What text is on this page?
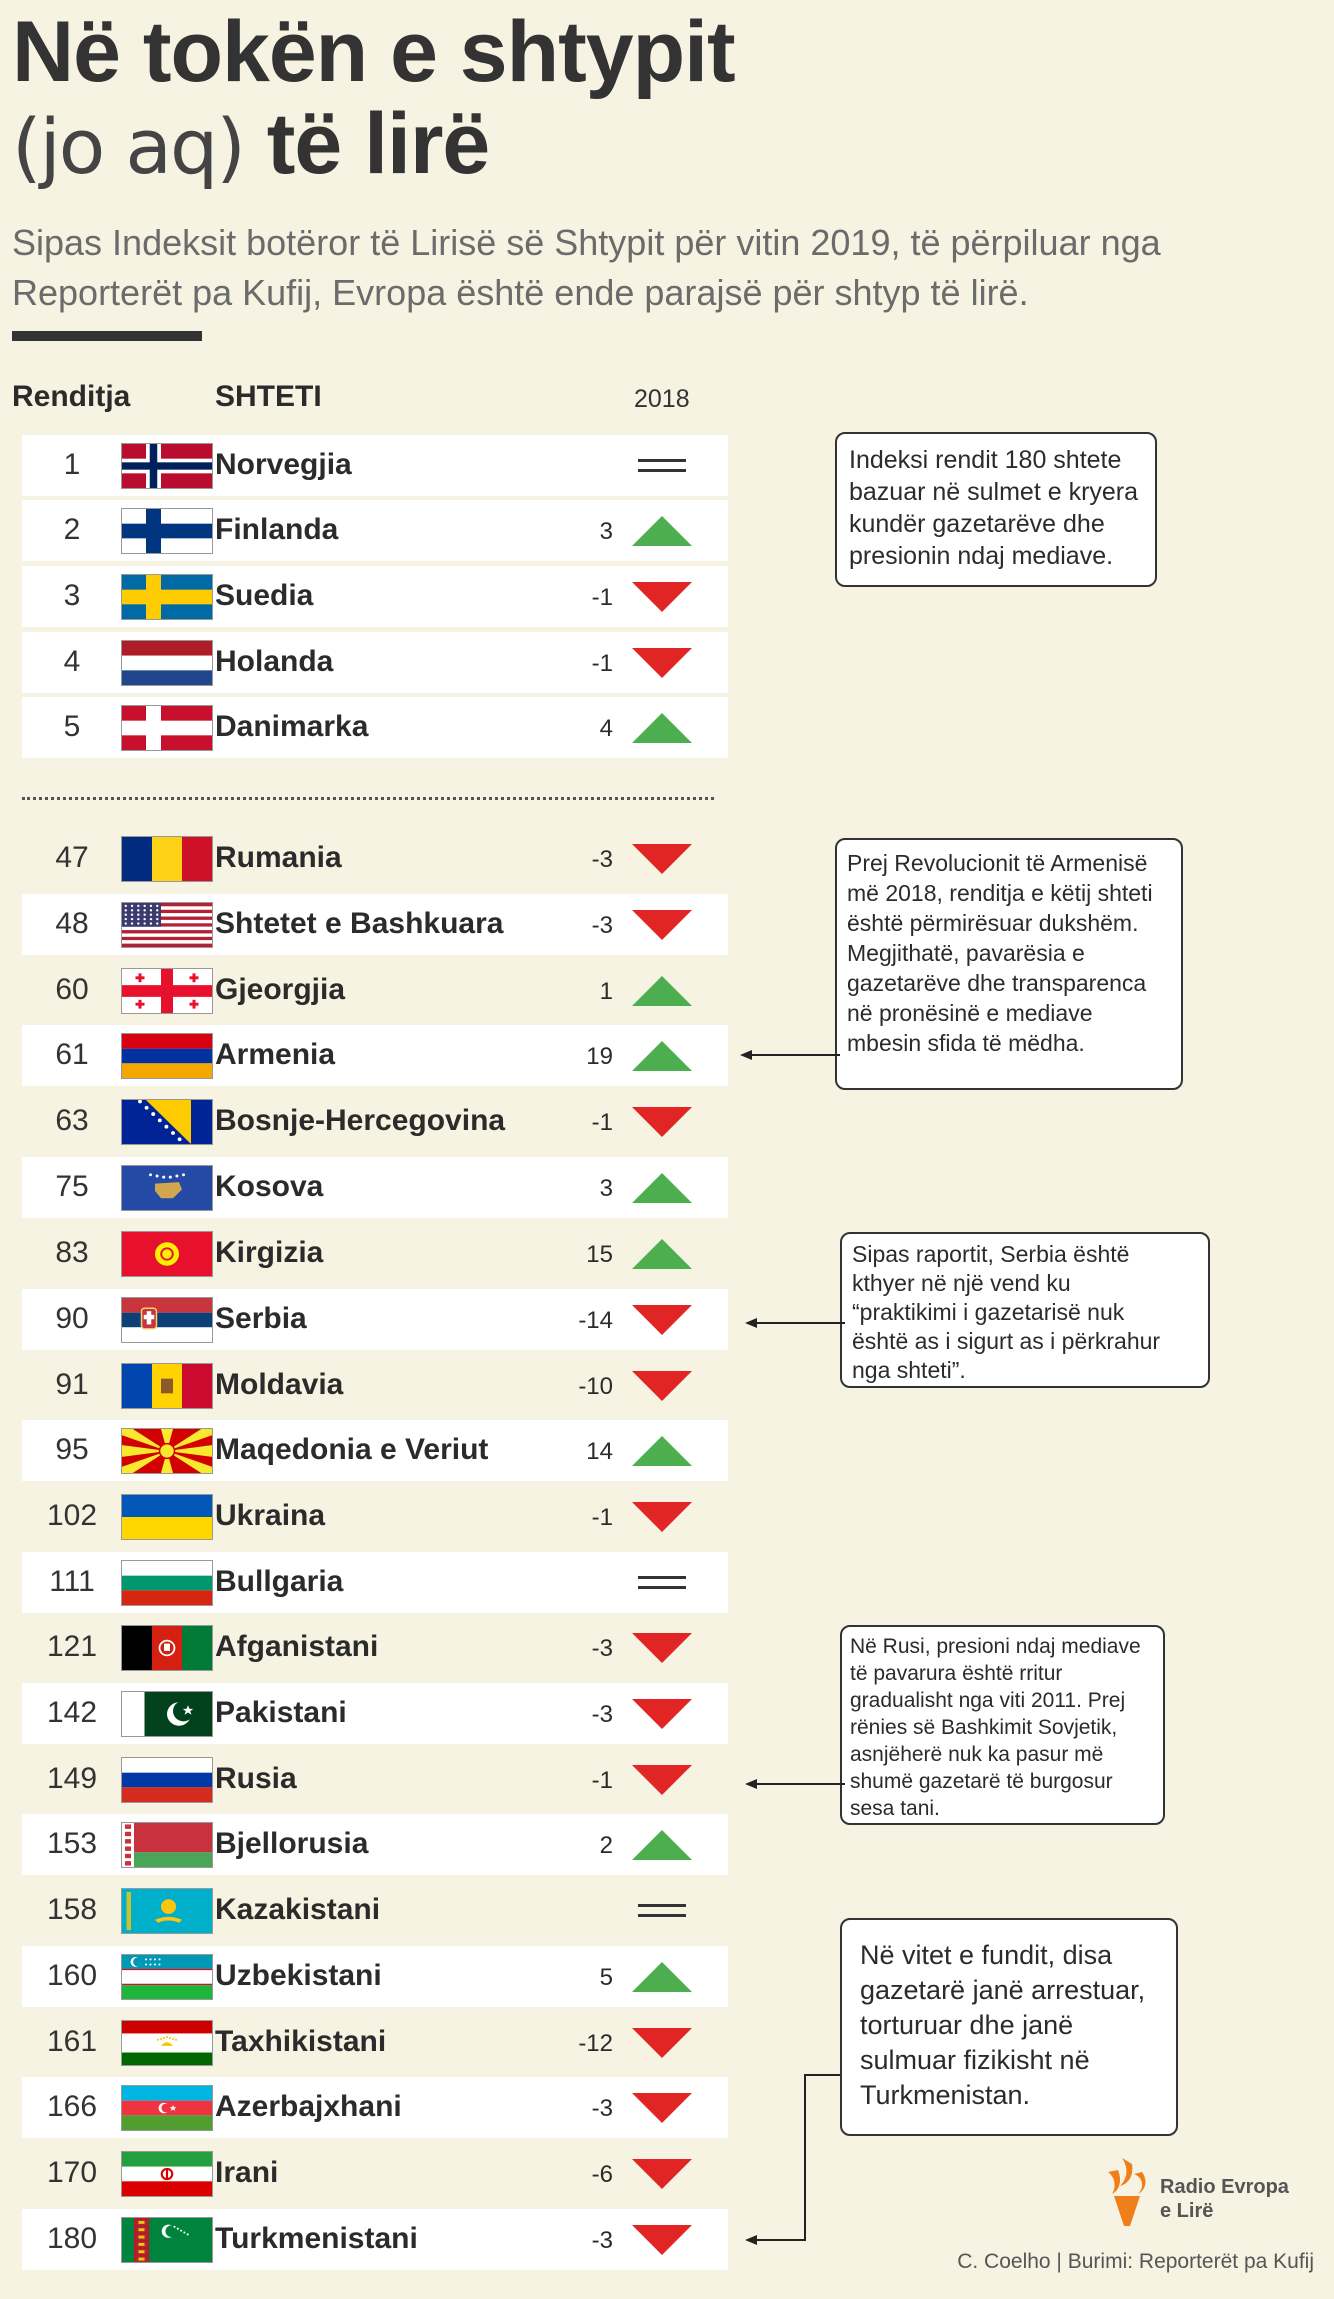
Në tokën e shtypit
(jo aq) të lirë
Sipas Indeksit botëror të Lirisë së Shtypit për vitin 2019, të përpiluar nga Reporterët pa Kufij, Evropa është ende parajsë për shtyp të lirë.
Renditja	SHTETI	2018
1	Norvegjia
2	Finlanda	3
3	Suedia	-1
4	Holanda	-1
5	Danimarka	4
47	Rumania	-3
48	Shtetet e Bashkuara	-3
60	Gjeorgjia	1
61	Armenia	19
63	Bosnje-Hercegovina	-1
75	Kosova	3
83	Kirgizia	15
90	Serbia	-14
91	Moldavia	-10
95	Maqedonia e Veriut	14
102	Ukraina	-1
111	Bullgaria
121	Afganistani	-3
142	Pakistani	-3
149	Rusia	-1
153	Bjellorusia	2
158	Kazakistani
160	Uzbekistani	5
161	Taxhikistani	-12
166	Azerbajxhani	-3
170	Irani	-6
180	Turkmenistani	-3

Indeksi rendit 180 shtete
bazuar në sulmet e kryera
kundër gazetarëve dhe
presionin ndaj mediave.

Prej Revolucionit të Armenisë
më 2018, renditja e këtij shteti
është përmirësuar dukshëm.
Megjithatë, pavarësia e
gazetarëve dhe transparenca
në pronësinë e mediave
mbesin sfida të mëdha.

Sipas raportit, Serbia është
kthyer në një vend ku
“praktikimi i gazetarisë nuk
është as i sigurt as i përkrahur
nga shteti”.

Në Rusi, presioni ndaj mediave
të pavarura është rritur
gradualisht nga viti 2011. Prej
rënies së Bashkimit Sovjetik,
asnjëherë nuk ka pasur më
shumë gazetarë të burgosur
sesa tani.

Në vitet e fundit, disa
gazetarë janë arrestuar,
torturuar dhe janë
sulmuar fizikisht në
Turkmenistan.

Radio Evropa
e Lirë
C. Coelho | Burimi: Reporterët pa Kufij
